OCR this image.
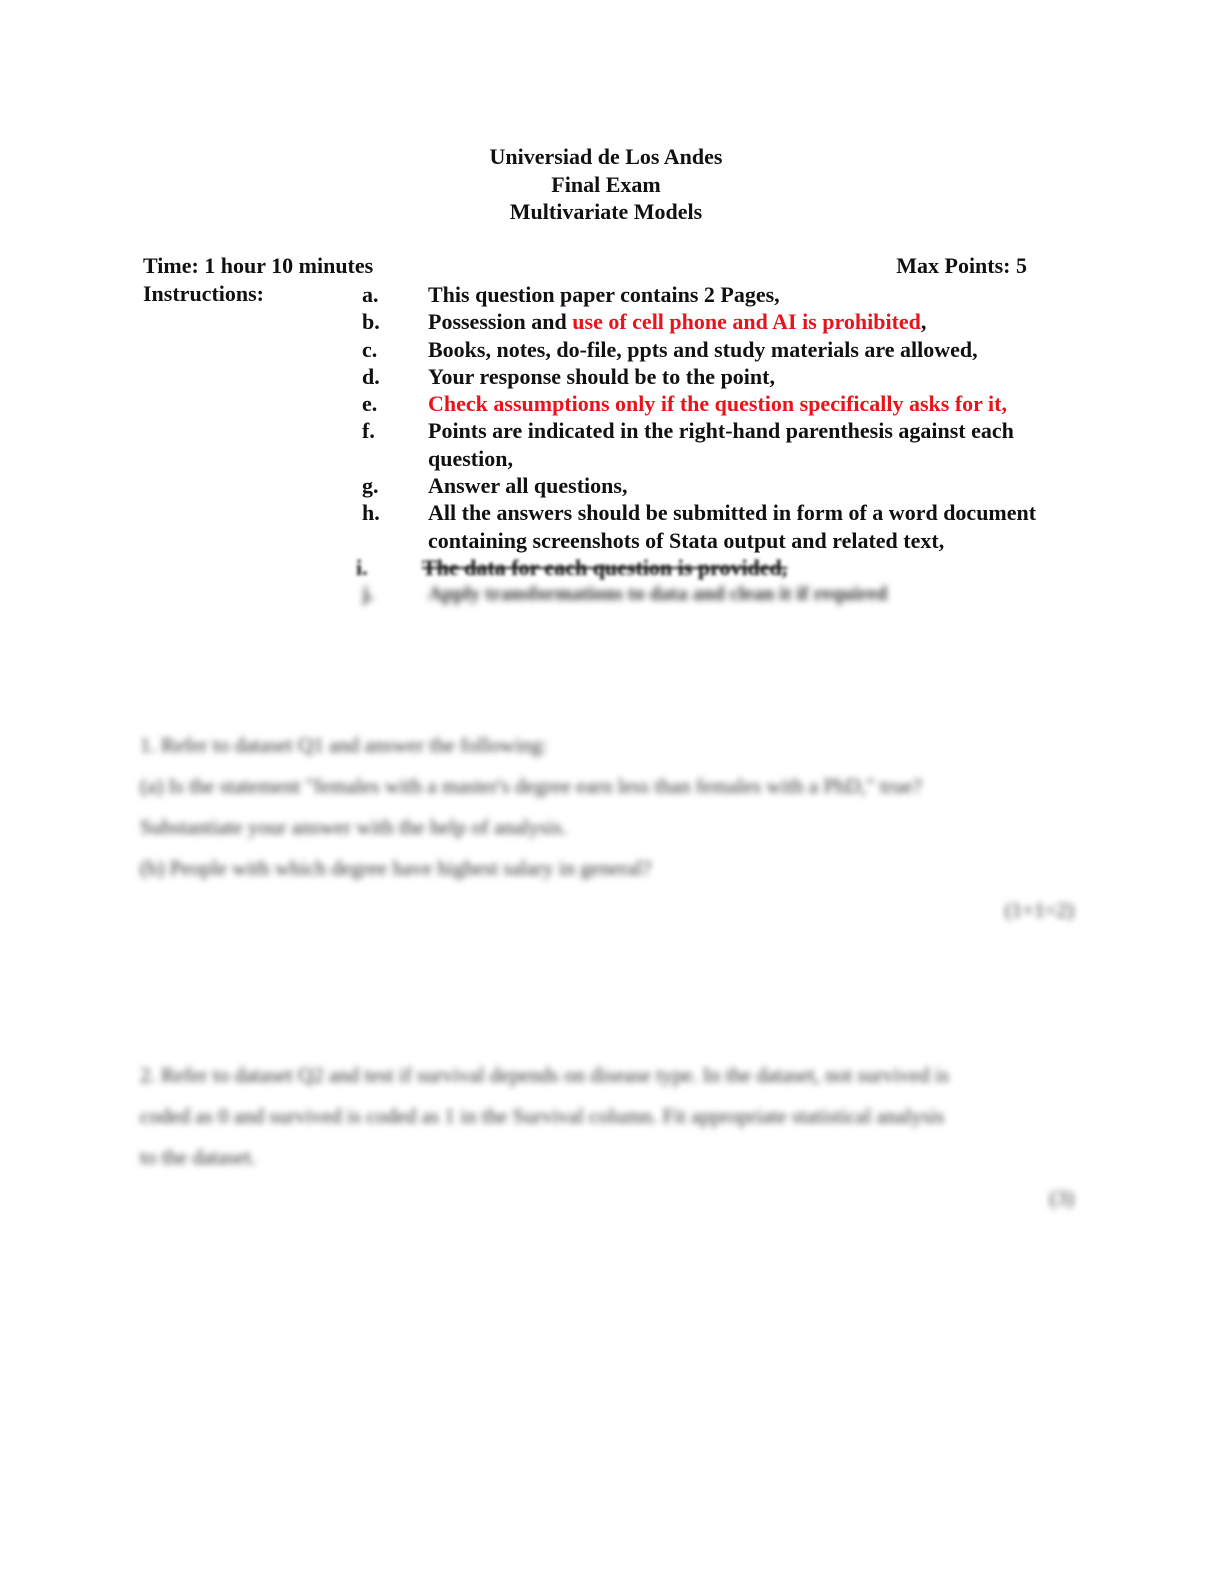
Universiad de Los Andes
Final Exam
Multivariate Models
Time: 1 hour 10 minutes	Max Points: 5
Instructions:	a. This question paper contains 2 Pages,
b. Possession and use of cell phone and AI is prohibited,
c. Books, notes, do-file, ppts and study materials are allowed,
d. Your response should be to the point,
e. Check assumptions only if the question specifically asks for it,
f. Points are indicated in the right-hand parenthesis against each question,
g. Answer all questions,
h. All the answers should be submitted in form of a word document containing screenshots of Stata output and related text,
i. The data for each question is provided,
j.	Apply transformations to data and clean it if required
1. Refer to dataset Q1 and answer the following:
(a) Is the statement "females with a master's degree earn less than females with a PhD," true?
Substantiate your answer with the help of analysis.
(b) People with which degree have highest salary in general?
(1+1=2)
2. Refer to dataset Q2 and test if survival depends on disease type. In the dataset, not survived is
coded as 0 and survived is coded as 1 in the Survival column. Fit appropriate statistical analysis
to the dataset.
(3)
